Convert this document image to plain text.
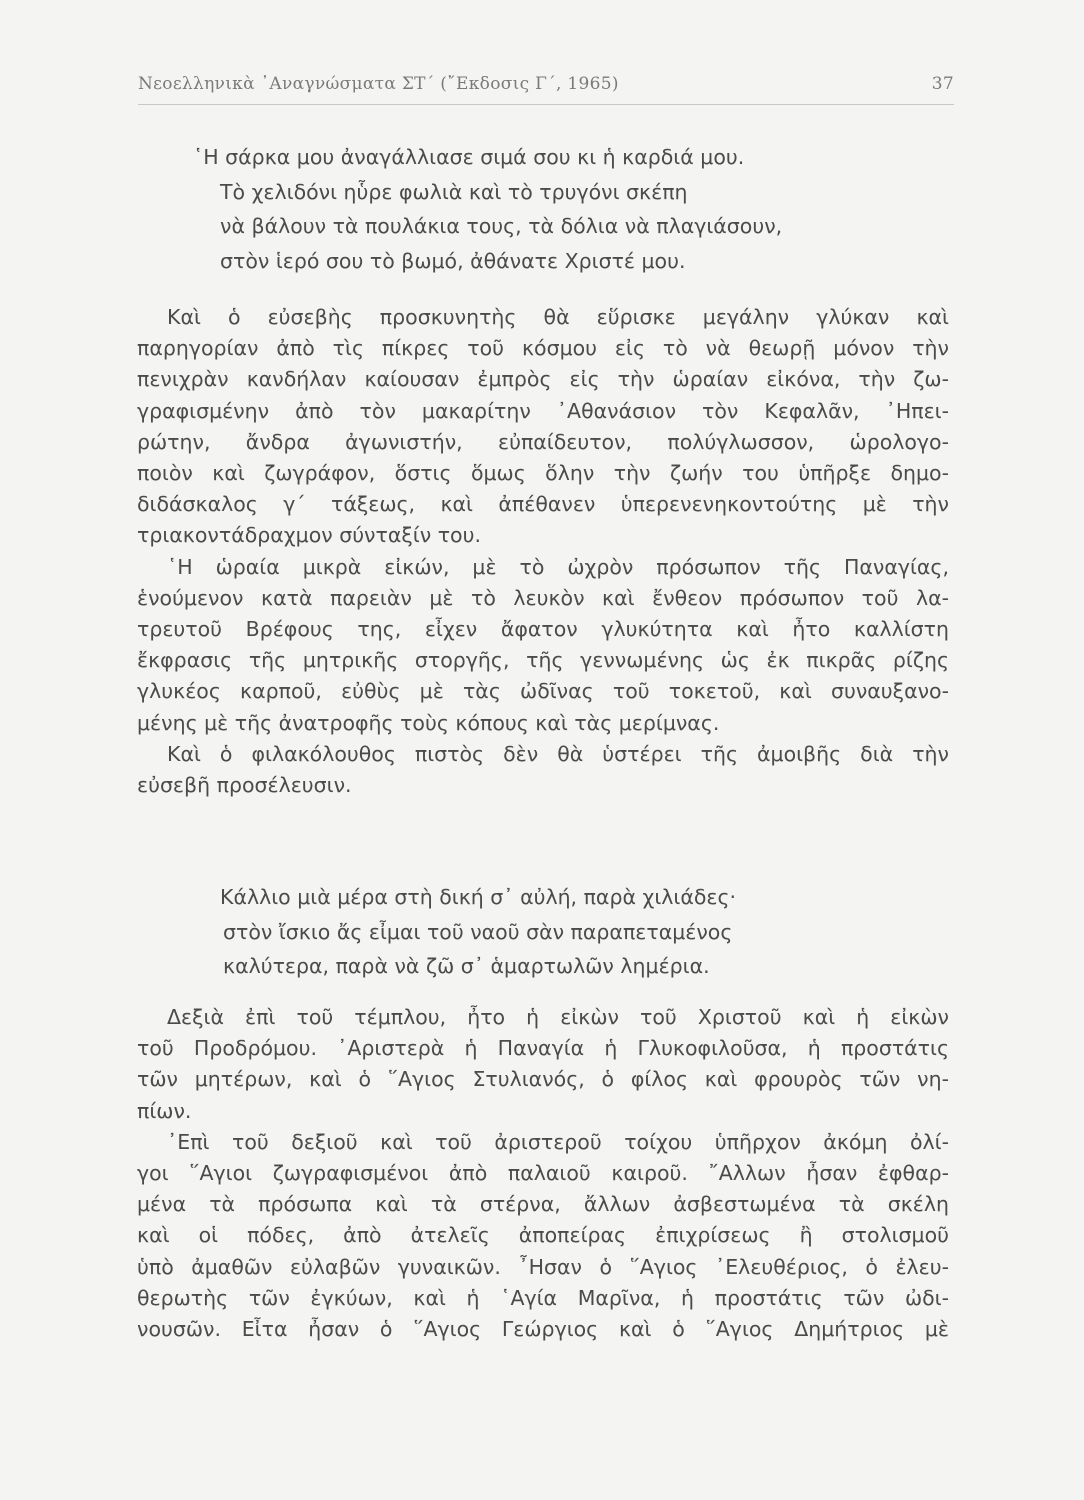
Νεοελληνικὰ ᾿Αναγνώσματα ΣΤ΄ (῎Εκδοσις Γ΄, 1965)	37
῾Η σάρκα μου ἀναγάλλιασε σιμά σου κι ἡ καρδιά μου.
Τὸ χελιδόνι ηὗρε φωλιὰ καὶ τὸ τρυγόνι σκέπη
νὰ βάλουν τὰ πουλάκια τους, τὰ δόλια νὰ πλαγιάσουν,
στὸν ἱερό σου τὸ βωμό, ἀθάνατε Χριστέ μου.

Καὶ ὁ εὐσεβὴς προσκυνητὴς θὰ εὕρισκε μεγάλην γλύκαν καὶ
παρηγορίαν ἀπὸ τὶς πίκρες τοῦ κόσμου εἰς τὸ νὰ θεωρῇ μόνον τὴν
πενιχρὰν κανδήλαν καίουσαν ἐμπρὸς εἰς τὴν ὡραίαν εἰκόνα, τὴν ζω-
γραφισμένην ἀπὸ τὸν μακαρίτην ᾿Αθανάσιον τὸν Κεφαλᾶν, ᾿Ηπει-
ρώτην, ἄνδρα ἀγωνιστήν, εὐπαίδευτον, πολύγλωσσον, ὡρολογο-
ποιὸν καὶ ζωγράφον, ὅστις ὅμως ὅλην τὴν ζωήν του ὑπῆρξε δημο-
διδάσκαλος γ΄ τάξεως, καὶ ἀπέθανεν ὑπερενενηκοντούτης μὲ τὴν
τριακοντάδραχμον σύνταξίν του.

῾Η ὡραία μικρὰ εἰκών, μὲ τὸ ὠχρὸν πρόσωπον τῆς Παναγίας,
ἑνούμενον κατὰ παρειὰν μὲ τὸ λευκὸν καὶ ἔνθεον πρόσωπον τοῦ λα-
τρευτοῦ Βρέφους της, εἶχεν ἄφατον γλυκύτητα καὶ ἦτο καλλίστη
ἔκφρασις τῆς μητρικῆς στοργῆς, τῆς γεννωμένης ὡς ἐκ πικρᾶς ρίζης
γλυκέος καρποῦ, εὐθὺς μὲ τὰς ὠδῖνας τοῦ τοκετοῦ, καὶ συναυξανο-
μένης μὲ τῆς ἀνατροφῆς τοὺς κόπους καὶ τὰς μερίμνας.

Καὶ ὁ φιλακόλουθος πιστὸς δὲν θὰ ὑστέρει τῆς ἀμοιβῆς διὰ τὴν
εὐσεβῆ προσέλευσιν.

Κάλλιο μιὰ μέρα στὴ δική σ᾿ αὐλή, παρὰ χιλιάδες·
στὸν ἴσκιο ἄς εἶμαι τοῦ ναοῦ σὰν παραπεταμένος
καλύτερα, παρὰ νὰ ζῶ σ᾿ ἁμαρτωλῶν λημέρια.

Δεξιὰ ἐπὶ τοῦ τέμπλου, ἦτο ἡ εἰκὼν τοῦ Χριστοῦ καὶ ἡ εἰκὼν
τοῦ Προδρόμου. ᾿Αριστερὰ ἡ Παναγία ἡ Γλυκοφιλοῦσα, ἡ προστάτις
τῶν μητέρων, καὶ ὁ ῞Αγιος Στυλιανός, ὁ φίλος καὶ φρουρὸς τῶν νη-
πίων.

᾿Επὶ τοῦ δεξιοῦ καὶ τοῦ ἀριστεροῦ τοίχου ὑπῆρχον ἀκόμη ὀλί-
γοι ῞Αγιοι ζωγραφισμένοι ἀπὸ παλαιοῦ καιροῦ. ῎Αλλων ἦσαν ἐφθαρ-
μένα τὰ πρόσωπα καὶ τὰ στέρνα, ἄλλων ἀσβεστωμένα τὰ σκέλη
καὶ οἱ πόδες, ἀπὸ ἀτελεῖς ἀποπείρας ἐπιχρίσεως ἢ στολισμοῦ
ὑπὸ ἀμαθῶν εὐλαβῶν γυναικῶν. ῏Ησαν ὁ ῞Αγιος ᾿Ελευθέριος, ὁ ἐλευ-
θερωτὴς τῶν ἐγκύων, καὶ ἡ ῾Αγία Μαρῖνα, ἡ προστάτις τῶν ὠδι-
νουσῶν. Εἶτα ἦσαν ὁ ῞Αγιος Γεώργιος καὶ ὁ ῞Αγιος Δημήτριος μὲ
